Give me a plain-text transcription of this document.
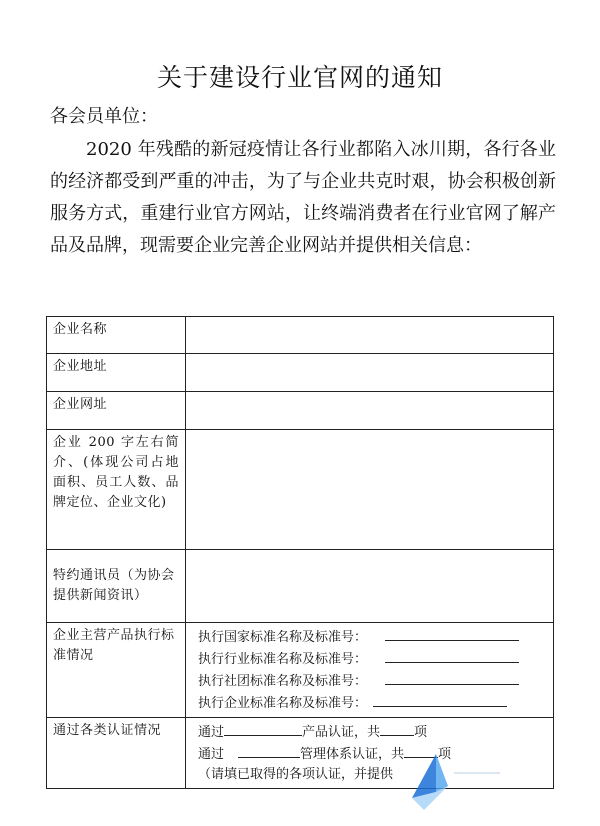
关于建设行业官网的通知
各会员单位：
2020 年残酷的新冠疫情让各行业都陷入冰川期，各行各业的经济都受到严重的冲击，为了与企业共克时艰，协会积极创新服务方式，重建行业官方网站，让终端消费者在行业官网了解产品及品牌，现需要企业完善企业网站并提供相关信息：
企业名称	
企业地址	
企业网址	
企业 200 字左右简介、(体现公司占地面积、员工人数、品牌定位、企业文化)	
特约通讯员（为协会提供新闻资讯）	
企业主营产品执行标准情况	执行国家标准名称及标准号：
执行行业标准名称及标准号：
执行社团标准名称及标准号：
执行企业标准名称及标准号：

通过各类认证情况	通过 产品认证，共 项
通过 管理体系认证，共 项
（请填已取得的各项认证，并提供
